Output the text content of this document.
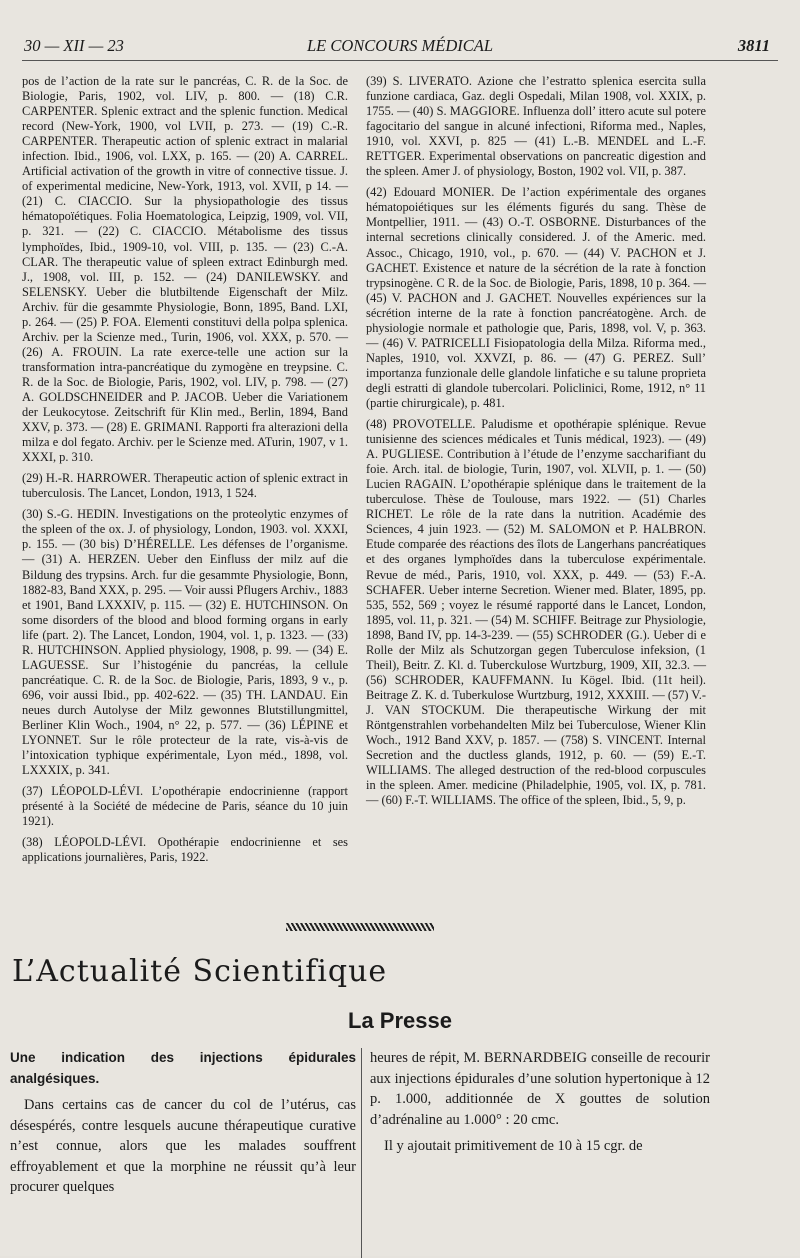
30 — XII — 23	LE CONCOURS MÉDICAL	3811

pos de l’action de la rate sur le pancréas, C. R. de la Soc. de Biologie, Paris, 1902, vol. LIV, p. 800. — (18) C.R. CARPENTER. Splenic extract and the splenic function. Medical record (New-York, 1900, vol LVII, p. 273. — (19) C.-R. CARPENTER. Therapeutic action of splenic extract in malarial infection. Ibid., 1906, vol. LXX, p. 165. — (20) A. CARREL. Artificial activation of the growth in vitre of connective tissue. J. of experimental medicine, New-York, 1913, vol. XVII, p 14. — (21) C. CIACCIO. Sur la physiopathologie des tissus hématopoïétiques. Folia Hoematologica, Leipzig, 1909, vol. VII, p. 321. — (22) C. CIACCIO. Métabolisme des tissus lymphoïdes, Ibid., 1909-10, vol. VIII, p. 135. — (23) C.-A. CLAR. The therapeutic value of spleen extract Edinburgh med. J., 1908, vol. III, p. 152. — (24) DANILEWSKY. and SELENSKY. Ueber die blutbiltende Eigenschaft der Milz. Archiv. für die gesammte Physiologie, Bonn, 1895, Band. LXI, p. 264. — (25) P. FOA. Elementi constituvi della polpa splenica. Archiv. per la Scienze med., Turin, 1906, vol. XXX, p. 570. — (26) A. FROUIN. La rate exerce-telle une action sur la transformation intra-pancréatique du zymogène en treypsine. C. R. de la Soc. de Biologie, Paris, 1902, vol. LIV, p. 798. — (27) A. GOLDSCHNEIDER and P. JACOB. Ueber die Variationem der Leukocytose. Zeitschrift für Klin med., Berlin, 1894, Band XXV, p. 373. — (28) E. GRIMANI. Rapporti fra alterazioni della milza e dol fegato. Archiv. per le Scienze med. ATurin, 1907, v 1. XXXI, p. 310.

(29) H.-R. HARROWER. Therapeutic action of splenic extract in tuberculosis. The Lancet, London, 1913, 1 524.

(30) S.-G. HEDIN. Investigations on the proteolytic enzymes of the spleen of the ox. J. of physiology, London, 1903. vol. XXXI, p. 155. — (30 bis) D’HÉRELLE. Les défenses de l’organisme. — (31) A. HERZEN. Ueber den Einfluss der milz auf die Bildung des trypsins. Arch. fur die gesammte Physiologie, Bonn, 1882-83, Band XXX, p. 295. — Voir aussi Pflugers Archiv., 1883 et 1901, Band LXXXIV, p. 115. — (32) E. HUTCHINSON. On some disorders of the blood and blood forming organs in early life (part. 2). The Lancet, London, 1904, vol. 1, p. 1323. — (33) R. HUTCHINSON. Applied physiology, 1908, p. 99. — (34) E. LAGUESSE. Sur l’histogénie du pancréas, la cellule pancréatique. C. R. de la Soc. de Biologie, Paris, 1893, 9 v., p. 696, voir aussi Ibid., pp. 402-622. — (35) TH. LANDAU. Ein neues durch Autolyse der Milz gewonnes Blutstillungmittel, Berliner Klin Woch., 1904, n° 22, p. 577. — (36) LÉPINE et LYONNET. Sur le rôle protecteur de la rate, vis-à-vis de l’intoxication typhique expérimentale, Lyon méd., 1898, vol. LXXXIX, p. 341.

(37) LÉOPOLD-LÉVI. L’opothérapie endocrinienne (rapport présenté à la Société de médecine de Paris, séance du 10 juin 1921).

(38) LÉOPOLD-LÉVI. Opothérapie endocrinienne et ses applications journalières, Paris, 1922.

(39) S. LIVERATO. Azione che l’estratto splenica esercita sulla funzione cardiaca, Gaz. degli Ospedali, Milan 1908, vol. XXIX, p. 1755. — (40) S. MAGGIORE. Influenza doll’ ittero acute sul potere fagocitario del sangue in alcuné infectioni, Riforma med., Naples, 1910, vol. XXVI, p. 825 — (41) L.-B. MENDEL and L.-F. RETTGER. Experimental observations on pancreatic digestion and the spleen. Amer J. of physiology, Boston, 1902 vol. VII, p. 387.

(42) Edouard MONIER. De l’action expérimentale des organes hématopoiétiques sur les éléments figurés du sang. Thèse de Montpellier, 1911. — (43) O.-T. OSBORNE. Disturbances of the internal secretions clinically considered. J. of the Americ. med. Assoc., Chicago, 1910, vol., p. 670. — (44) V. PACHON et J. GACHET. Existence et nature de la sécrétion de la rate à fonction trypsinogène. C R. de la Soc. de Biologie, Paris, 1898, 10 p. 364. — (45) V. PACHON and J. GACHET. Nouvelles expériences sur la sécrétion interne de la rate à fonction pancréatogène. Arch. de physiologie normale et pathologie que, Paris, 1898, vol. V, p. 363. — (46) V. PATRICELLI Fisiopatologia della Milza. Riforma med., Naples, 1910, vol. XXVZI, p. 86. — (47) G. PEREZ. Sull’ importanza funzionale delle glandole linfatiche e su talune proprieta degli estratti di glandole tubercolari. Policlinici, Rome, 1912, n° 11 (partie chirurgicale), p. 481.

(48) PROVOTELLE. Paludisme et opothérapie splénique. Revue tunisienne des sciences médicales et Tunis médical, 1923). — (49) A. PUGLIESE. Contribution à l’étude de l’enzyme saccharifiant du foie. Arch. ital. de biologie, Turin, 1907, vol. XLVII, p. 1. — (50) Lucien RAGAIN. L’opothérapie splénique dans le traitement de la tuberculose. Thèse de Toulouse, mars 1922. — (51) Charles RICHET. Le rôle de la rate dans la nutrition. Académie des Sciences, 4 juin 1923. — (52) M. SALOMON et P. HALBRON. Etude comparée des réactions des îlots de Langerhans pancréatiques et des organes lymphoïdes dans la tuberculose expérimentale. Revue de méd., Paris, 1910, vol. XXX, p. 449. — (53) F.-A. SCHAFER. Ueber interne Secretion. Wiener med. Blater, 1895, pp. 535, 552, 569 ; voyez le résumé rapporté dans le Lancet, London, 1895, vol. 11, p. 321. — (54) M. SCHIFF. Beitrage zur Physiologie, 1898, Band IV, pp. 14-3-239. — (55) SCHRODER (G.). Ueber di e Rolle der Milz als Schutzorgan gegen Tuberculose infeksion, (1 Theil), Beitr. Z. Kl. d. Tuberckulose Wurtzburg, 1909, XII, 32.3. — (56) SCHRODER, KAUFFMANN. Iu Kögel. Ibid. (11t heil). Beitrage Z. K. d. Tuberkulose Wurtzburg, 1912, XXXIII. — (57) V.-J. VAN STOCKUM. Die therapeutische Wirkung der mit Röntgenstrahlen vorbehandelten Milz bei Tuberculose, Wiener Klin Woch., 1912 Band XXV, p. 1857. — (758) S. VINCENT. Internal Secretion and the ductless glands, 1912, p. 60. — (59) E.-T. WILLIAMS. The alleged destruction of the red-blood corpuscules in the spleen. Amer. medicine (Philadelphie, 1905, vol. IX, p. 781. — (60) F.-T. WILLIAMS. The office of the spleen, Ibid., 5, 9, p.

L’Actualité Scientifique
La Presse
Une indication des injections épidurales analgésiques.

Dans certains cas de cancer du col de l’utérus, cas désespérés, contre lesquels aucune thérapeutique curative n’est connue, alors que les malades souffrent effroyablement et que la morphine ne réussit qu’à leur procurer quelques

heures de répit, M. BERNARDBEIG conseille de recourir aux injections épidurales d’une solution hypertonique à 12 p. 1.000, additionnée de X gouttes de solution d’adrénaline au 1.000° : 20 cmc.

Il y ajoutait primitivement de 10 à 15 cgr. de
